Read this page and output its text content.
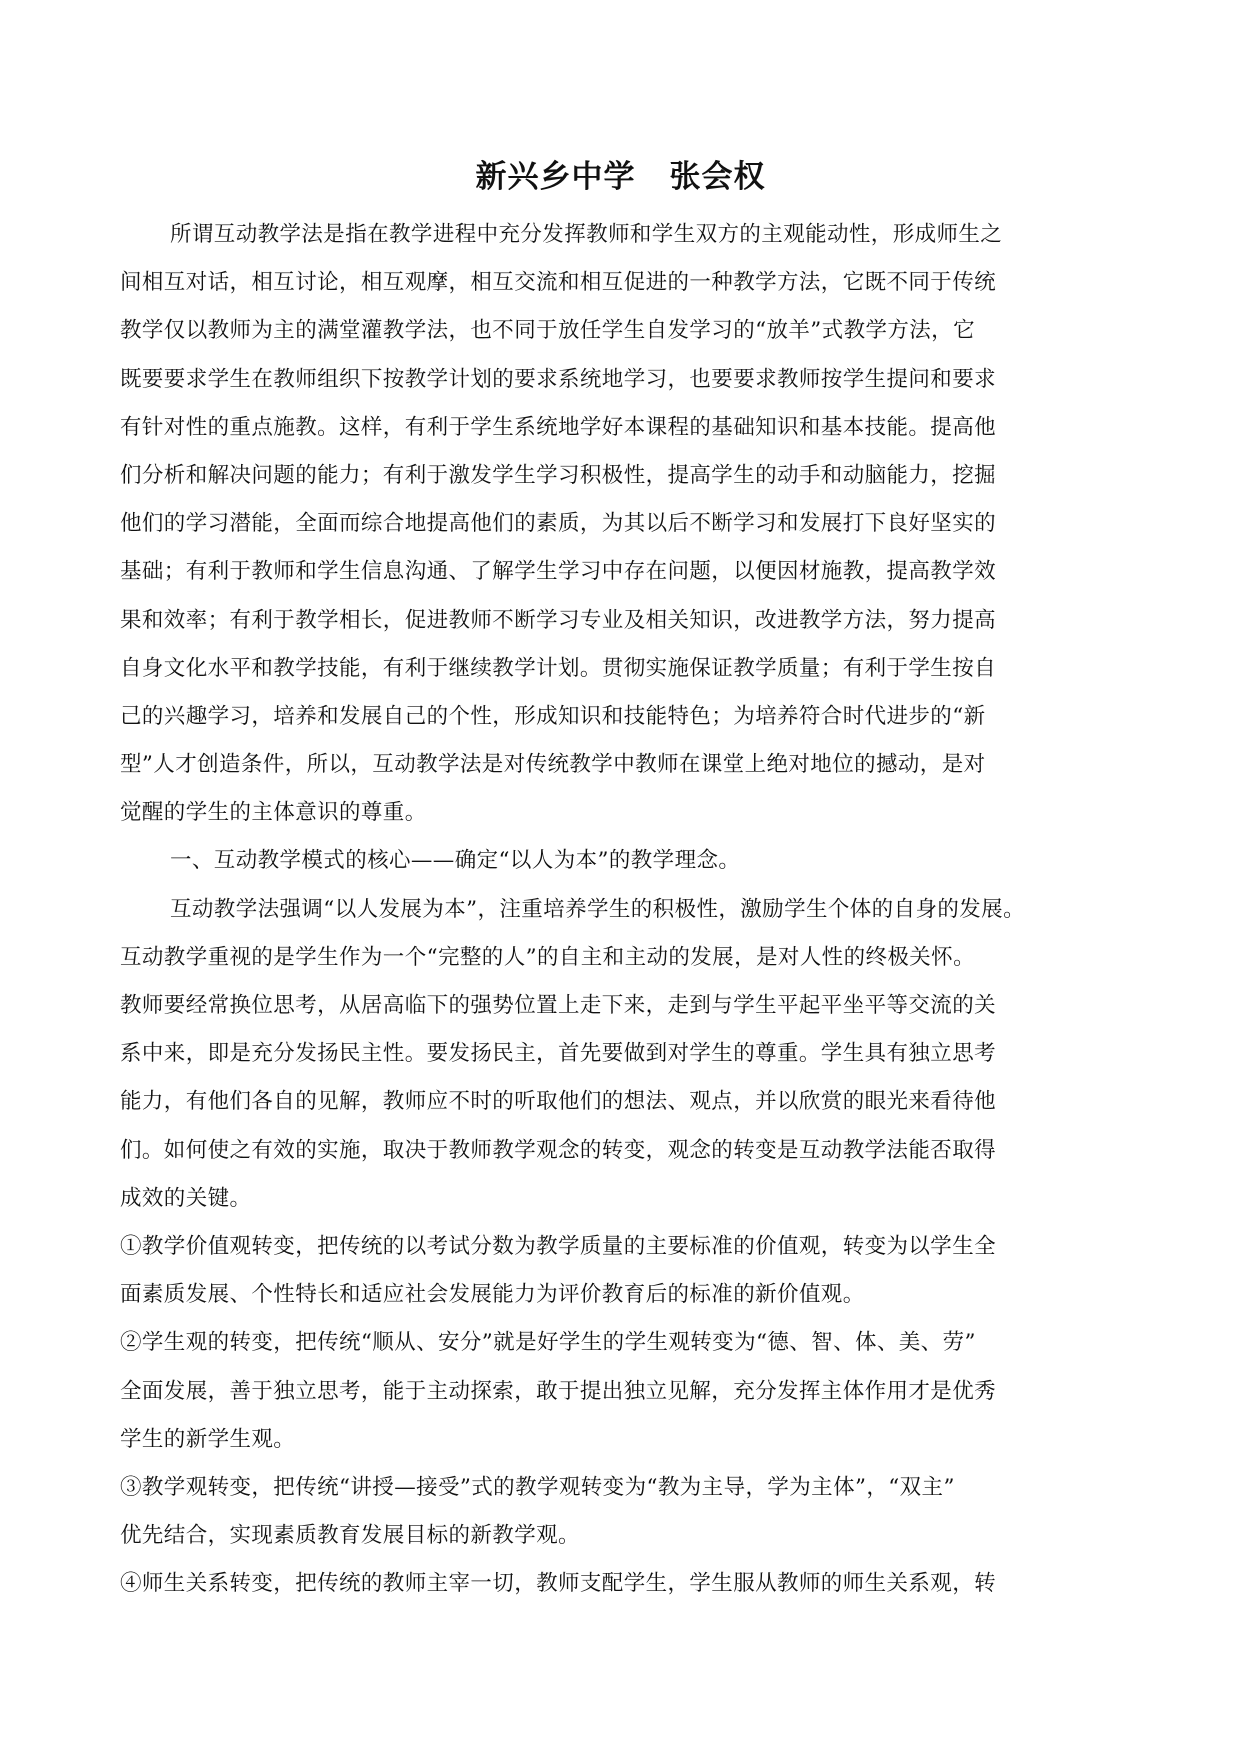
新兴乡中学 张会权
所谓互动教学法是指在教学进程中充分发挥教师和学生双方的主观能动性，形成师生之
间相互对话，相互讨论，相互观摩，相互交流和相互促进的一种教学方法，它既不同于传统
教学仅以教师为主的满堂灌教学法，也不同于放任学生自发学习的“放羊”式教学方法，它
既要要求学生在教师组织下按教学计划的要求系统地学习，也要要求教师按学生提问和要求
有针对性的重点施教。这样，有利于学生系统地学好本课程的基础知识和基本技能。提高他
们分析和解决问题的能力；有利于激发学生学习积极性，提高学生的动手和动脑能力，挖掘
他们的学习潜能，全面而综合地提高他们的素质，为其以后不断学习和发展打下良好坚实的
基础；有利于教师和学生信息沟通、了解学生学习中存在问题，以便因材施教，提高教学效
果和效率；有利于教学相长，促进教师不断学习专业及相关知识，改进教学方法，努力提高
自身文化水平和教学技能，有利于继续教学计划。贯彻实施保证教学质量；有利于学生按自
己的兴趣学习，培养和发展自己的个性，形成知识和技能特色；为培养符合时代进步的“新
型”人才创造条件，所以，互动教学法是对传统教学中教师在课堂上绝对地位的撼动，是对
觉醒的学生的主体意识的尊重。
一、互动教学模式的核心——确定“以人为本”的教学理念。
互动教学法强调“以人发展为本”，注重培养学生的积极性，激励学生个体的自身的发展。
互动教学重视的是学生作为一个“完整的人”的自主和主动的发展，是对人性的终极关怀。
教师要经常换位思考，从居高临下的强势位置上走下来，走到与学生平起平坐平等交流的关
系中来，即是充分发扬民主性。要发扬民主，首先要做到对学生的尊重。学生具有独立思考
能力，有他们各自的见解，教师应不时的听取他们的想法、观点，并以欣赏的眼光来看待他
们。如何使之有效的实施，取决于教师教学观念的转变，观念的转变是互动教学法能否取得
成效的关键。
①教学价值观转变，把传统的以考试分数为教学质量的主要标准的价值观，转变为以学生全
面素质发展、个性特长和适应社会发展能力为评价教育后的标准的新价值观。
②学生观的转变，把传统“顺从、安分”就是好学生的学生观转变为“德、智、体、美、劳”
全面发展，善于独立思考，能于主动探索，敢于提出独立见解，充分发挥主体作用才是优秀
学生的新学生观。
③教学观转变，把传统“讲授—接受”式的教学观转变为“教为主导，学为主体”，“双主”
优先结合，实现素质教育发展目标的新教学观。
④师生关系转变，把传统的教师主宰一切，教师支配学生，学生服从教师的师生关系观，转
